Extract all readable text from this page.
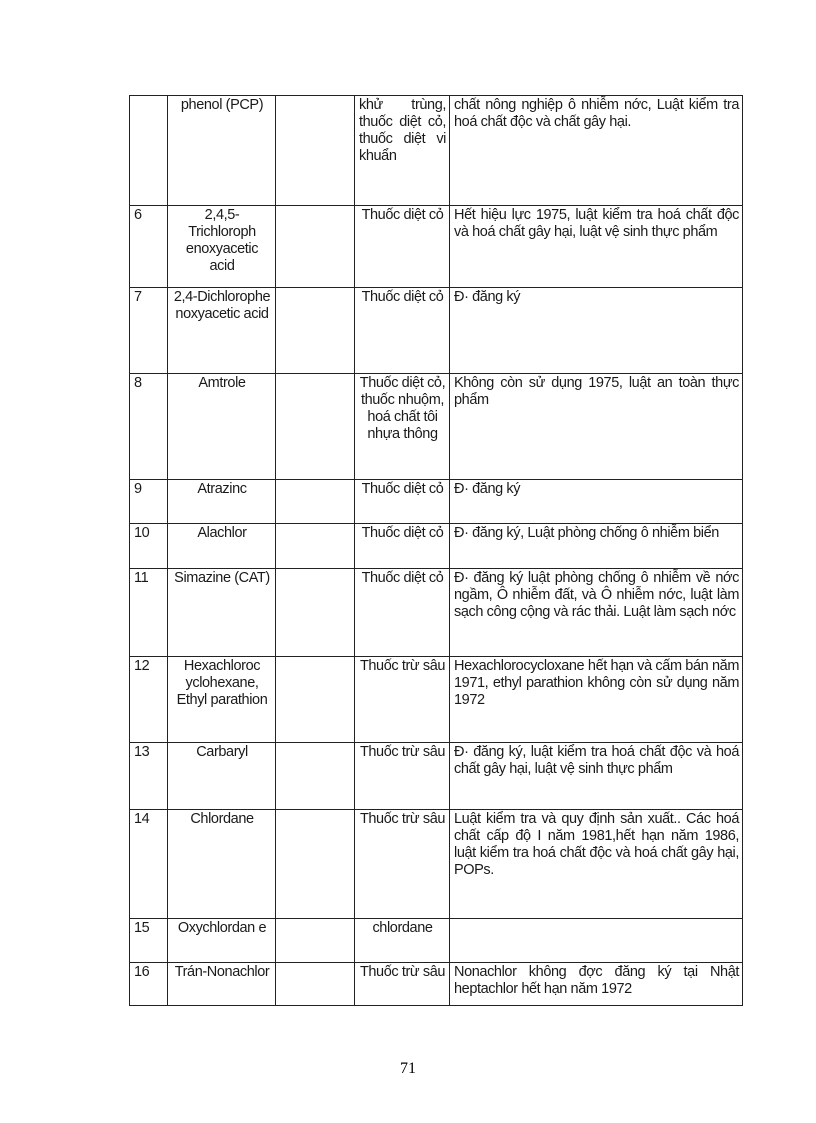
	phenol (PCP)		khử trùng, thuốc diệt cỏ, thuốc diệt vi khuẩn	chất nông nghiệp ô nhiễm nớc, Luật kiểm tra hoá chất độc và chất gây hại.
6	2,4,5-Trichloroph enoxyacetic acid		Thuốc diệt cỏ	Hết hiệu lực 1975, luật kiểm tra hoá chất độc và hoá chất gây hại, luật vệ sinh thực phẩm
7	2,4-Dichlorophe noxyacetic acid		Thuốc diệt cỏ	Đ· đăng ký
8	Amtrole		Thuốc diệt cỏ, thuốc nhuộm, hoá chất tôi nhựa thông	Không còn sử dụng 1975, luật an toàn thực phẩm
9	Atrazinc		Thuốc diệt cỏ	Đ· đăng ký
10	Alachlor		Thuốc diệt cỏ	Đ· đăng ký, Luật phòng chống ô nhiễm biển
11	Simazine (CAT)		Thuốc diệt cỏ	Đ· đăng ký luật phòng chống ô nhiễm về nớc ngầm, Ô nhiễm đất, và Ô nhiễm nớc, luật làm sạch công cộng và rác thải. Luật làm sạch nớc
12	Hexachloroc yclohexane, Ethyl parathion		Thuốc trừ sâu	Hexachlorocycloxane hết hạn và cấm bán năm 1971, ethyl parathion không còn sử dụng năm 1972
13	Carbaryl		Thuốc trừ sâu	Đ· đăng ký, luật kiểm tra hoá chất độc và hoá chất gây hại, luật vệ sinh thực phẩm
14	Chlordane		Thuốc trừ sâu	Luật kiểm tra và quy định sản xuất.. Các hoá chất cấp độ I năm 1981,hết hạn năm 1986, luật kiểm tra hoá chất độc và hoá chất gây hại, POPs.
15	Oxychlordan e		chlordane	
16	Trán-Nonachlor		Thuốc trừ sâu	Nonachlor không đợc đăng ký tại Nhật heptachlor hết hạn năm 1972
71
